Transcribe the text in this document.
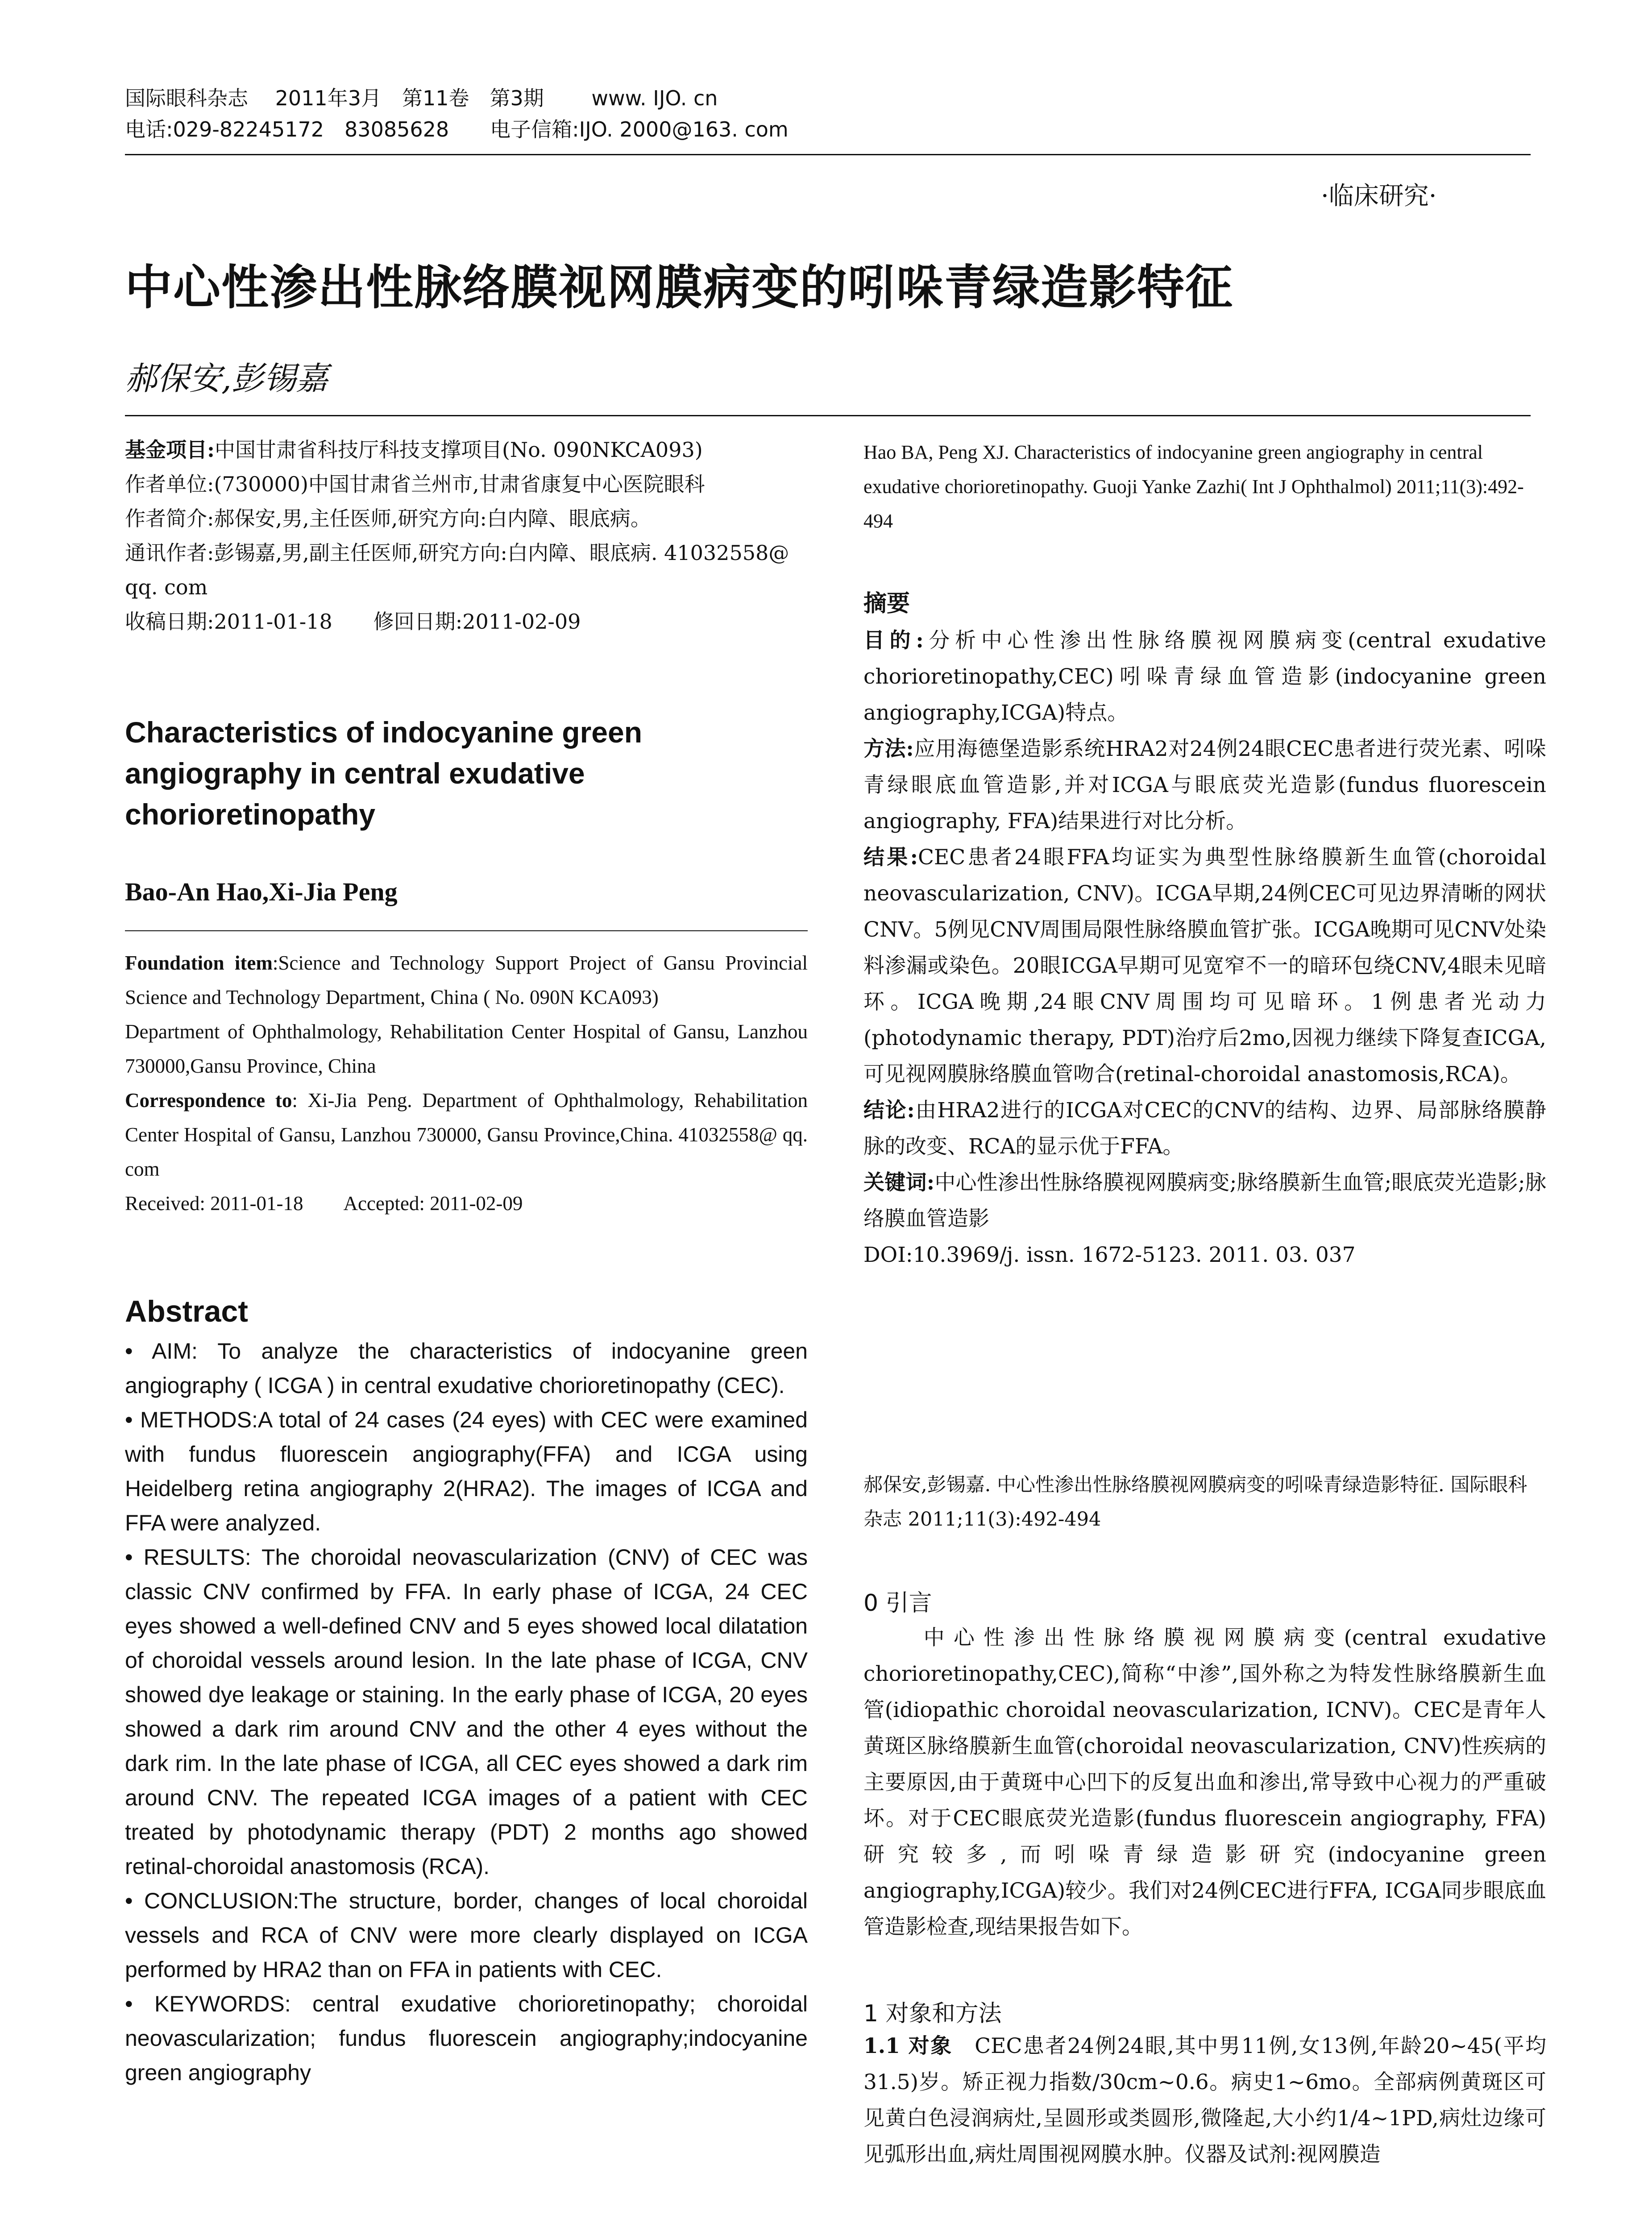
国际眼科杂志　 2011年3月　第11卷　第3期　　 www. IJO. cn
电话:029-82245172　83085628　　电子信箱:IJO. 2000@163. com
·临床研究·
中心性渗出性脉络膜视网膜病变的吲哚青绿造影特征
郝保安,彭锡嘉

基金项目:中国甘肃省科技厅科技支撑项目(No. 090NKCA093)

作者单位:(730000)中国甘肃省兰州市,甘肃省康复中心医院眼科

作者简介:郝保安,男,主任医师,研究方向:白内障、眼底病。

通讯作者:彭锡嘉,男,副主任医师,研究方向:白内障、眼底病. 41032558@ qq. com

收稿日期:2011-01-18　　修回日期:2011-02-09

Characteristics of indocyanine green angiography in central exudative chorioretinopathy
Bao-An Hao,Xi-Jia Peng

Foundation item:Science and Technology Support Project of Gansu Provincial Science and Technology Department, China ( No. 090N KCA093)

Department of Ophthalmology, Rehabilitation Center Hospital of Gansu, Lanzhou 730000,Gansu Province, China

Correspondence to: Xi-Jia Peng. Department of Ophthalmology, Rehabilitation Center Hospital of Gansu, Lanzhou 730000, Gansu Province,China. 41032558@ qq. com

Received: 2011-01-18　　Accepted: 2011-02-09

Abstract

• AIM: To analyze the characteristics of indocyanine green angiography ( ICGA ) in central exudative chorioretinopathy (CEC).

• METHODS:A total of 24 cases (24 eyes) with CEC were examined with fundus fluorescein angiography(FFA) and ICGA using Heidelberg retina angiography 2(HRA2). The images of ICGA and FFA were analyzed.

• RESULTS: The choroidal neovascularization (CNV) of CEC was classic CNV confirmed by FFA. In early phase of ICGA, 24 CEC eyes showed a well-defined CNV and 5 eyes showed local dilatation of choroidal vessels around lesion. In the late phase of ICGA, CNV showed dye leakage or staining. In the early phase of ICGA, 20 eyes showed a dark rim around CNV and the other 4 eyes without the dark rim. In the late phase of ICGA, all CEC eyes showed a dark rim around CNV. The repeated ICGA images of a patient with CEC treated by photodynamic therapy (PDT) 2 months ago showed retinal-choroidal anastomosis (RCA).

• CONCLUSION:The structure, border, changes of local choroidal vessels and RCA of CNV were more clearly displayed on ICGA performed by HRA2 than on FFA in patients with CEC.

• KEYWORDS: central exudative chorioretinopathy; choroidal neovascularization; fundus fluorescein angiography;indocyanine green angiography

Hao BA, Peng XJ. Characteristics of indocyanine green angiography in central exudative chorioretinopathy. Guoji Yanke Zazhi( Int J Ophthalmol) 2011;11(3):492-494
摘要

目的:分析中心性渗出性脉络膜视网膜病变(central exudative chorioretinopathy,CEC)吲哚青绿血管造影(indocyanine green angiography,ICGA)特点。

方法:应用海德堡造影系统HRA2对24例24眼CEC患者进行荧光素、吲哚青绿眼底血管造影,并对ICGA与眼底荧光造影(fundus fluorescein angiography, FFA)结果进行对比分析。

结果:CEC患者24眼FFA均证实为典型性脉络膜新生血管(choroidal neovascularization, CNV)。ICGA早期,24例CEC可见边界清晰的网状CNV。5例见CNV周围局限性脉络膜血管扩张。ICGA晚期可见CNV处染料渗漏或染色。20眼ICGA早期可见宽窄不一的暗环包绕CNV,4眼未见暗环。ICGA晚期,24眼CNV周围均可见暗环。1例患者光动力(photodynamic therapy, PDT)治疗后2mo,因视力继续下降复查ICGA,可见视网膜脉络膜血管吻合(retinal-choroidal anastomosis,RCA)。

结论:由HRA2进行的ICGA对CEC的CNV的结构、边界、局部脉络膜静脉的改变、RCA的显示优于FFA。

关键词:中心性渗出性脉络膜视网膜病变;脉络膜新生血管;眼底荧光造影;脉络膜血管造影

DOI:10.3969/j. issn. 1672-5123. 2011. 03. 037

郝保安,彭锡嘉. 中心性渗出性脉络膜视网膜病变的吲哚青绿造影特征. 国际眼科杂志 2011;11(3):492-494
0 引言
　　中心性渗出性脉络膜视网膜病变(central exudative chorioretinopathy,CEC),简称“中渗”,国外称之为特发性脉络膜新生血管(idiopathic choroidal neovascularization, ICNV)。CEC是青年人黄斑区脉络膜新生血管(choroidal neovascularization, CNV)性疾病的主要原因,由于黄斑中心凹下的反复出血和渗出,常导致中心视力的严重破坏。对于CEC眼底荧光造影(fundus fluorescein angiography, FFA)研究较多,而吲哚青绿造影研究(indocyanine green angiography,ICGA)较少。我们对24例CEC进行FFA, ICGA同步眼底血管造影检查,现结果报告如下。
1 对象和方法

1.1 对象　CEC患者24例24眼,其中男11例,女13例,年龄20~45(平均31.5)岁。矫正视力指数/30cm~0.6。病史1~6mo。全部病例黄斑区可见黄白色浸润病灶,呈圆形或类圆形,微隆起,大小约1/4~1PD,病灶边缘可见弧形出血,病灶周围视网膜水肿。仪器及试剂:视网膜造
